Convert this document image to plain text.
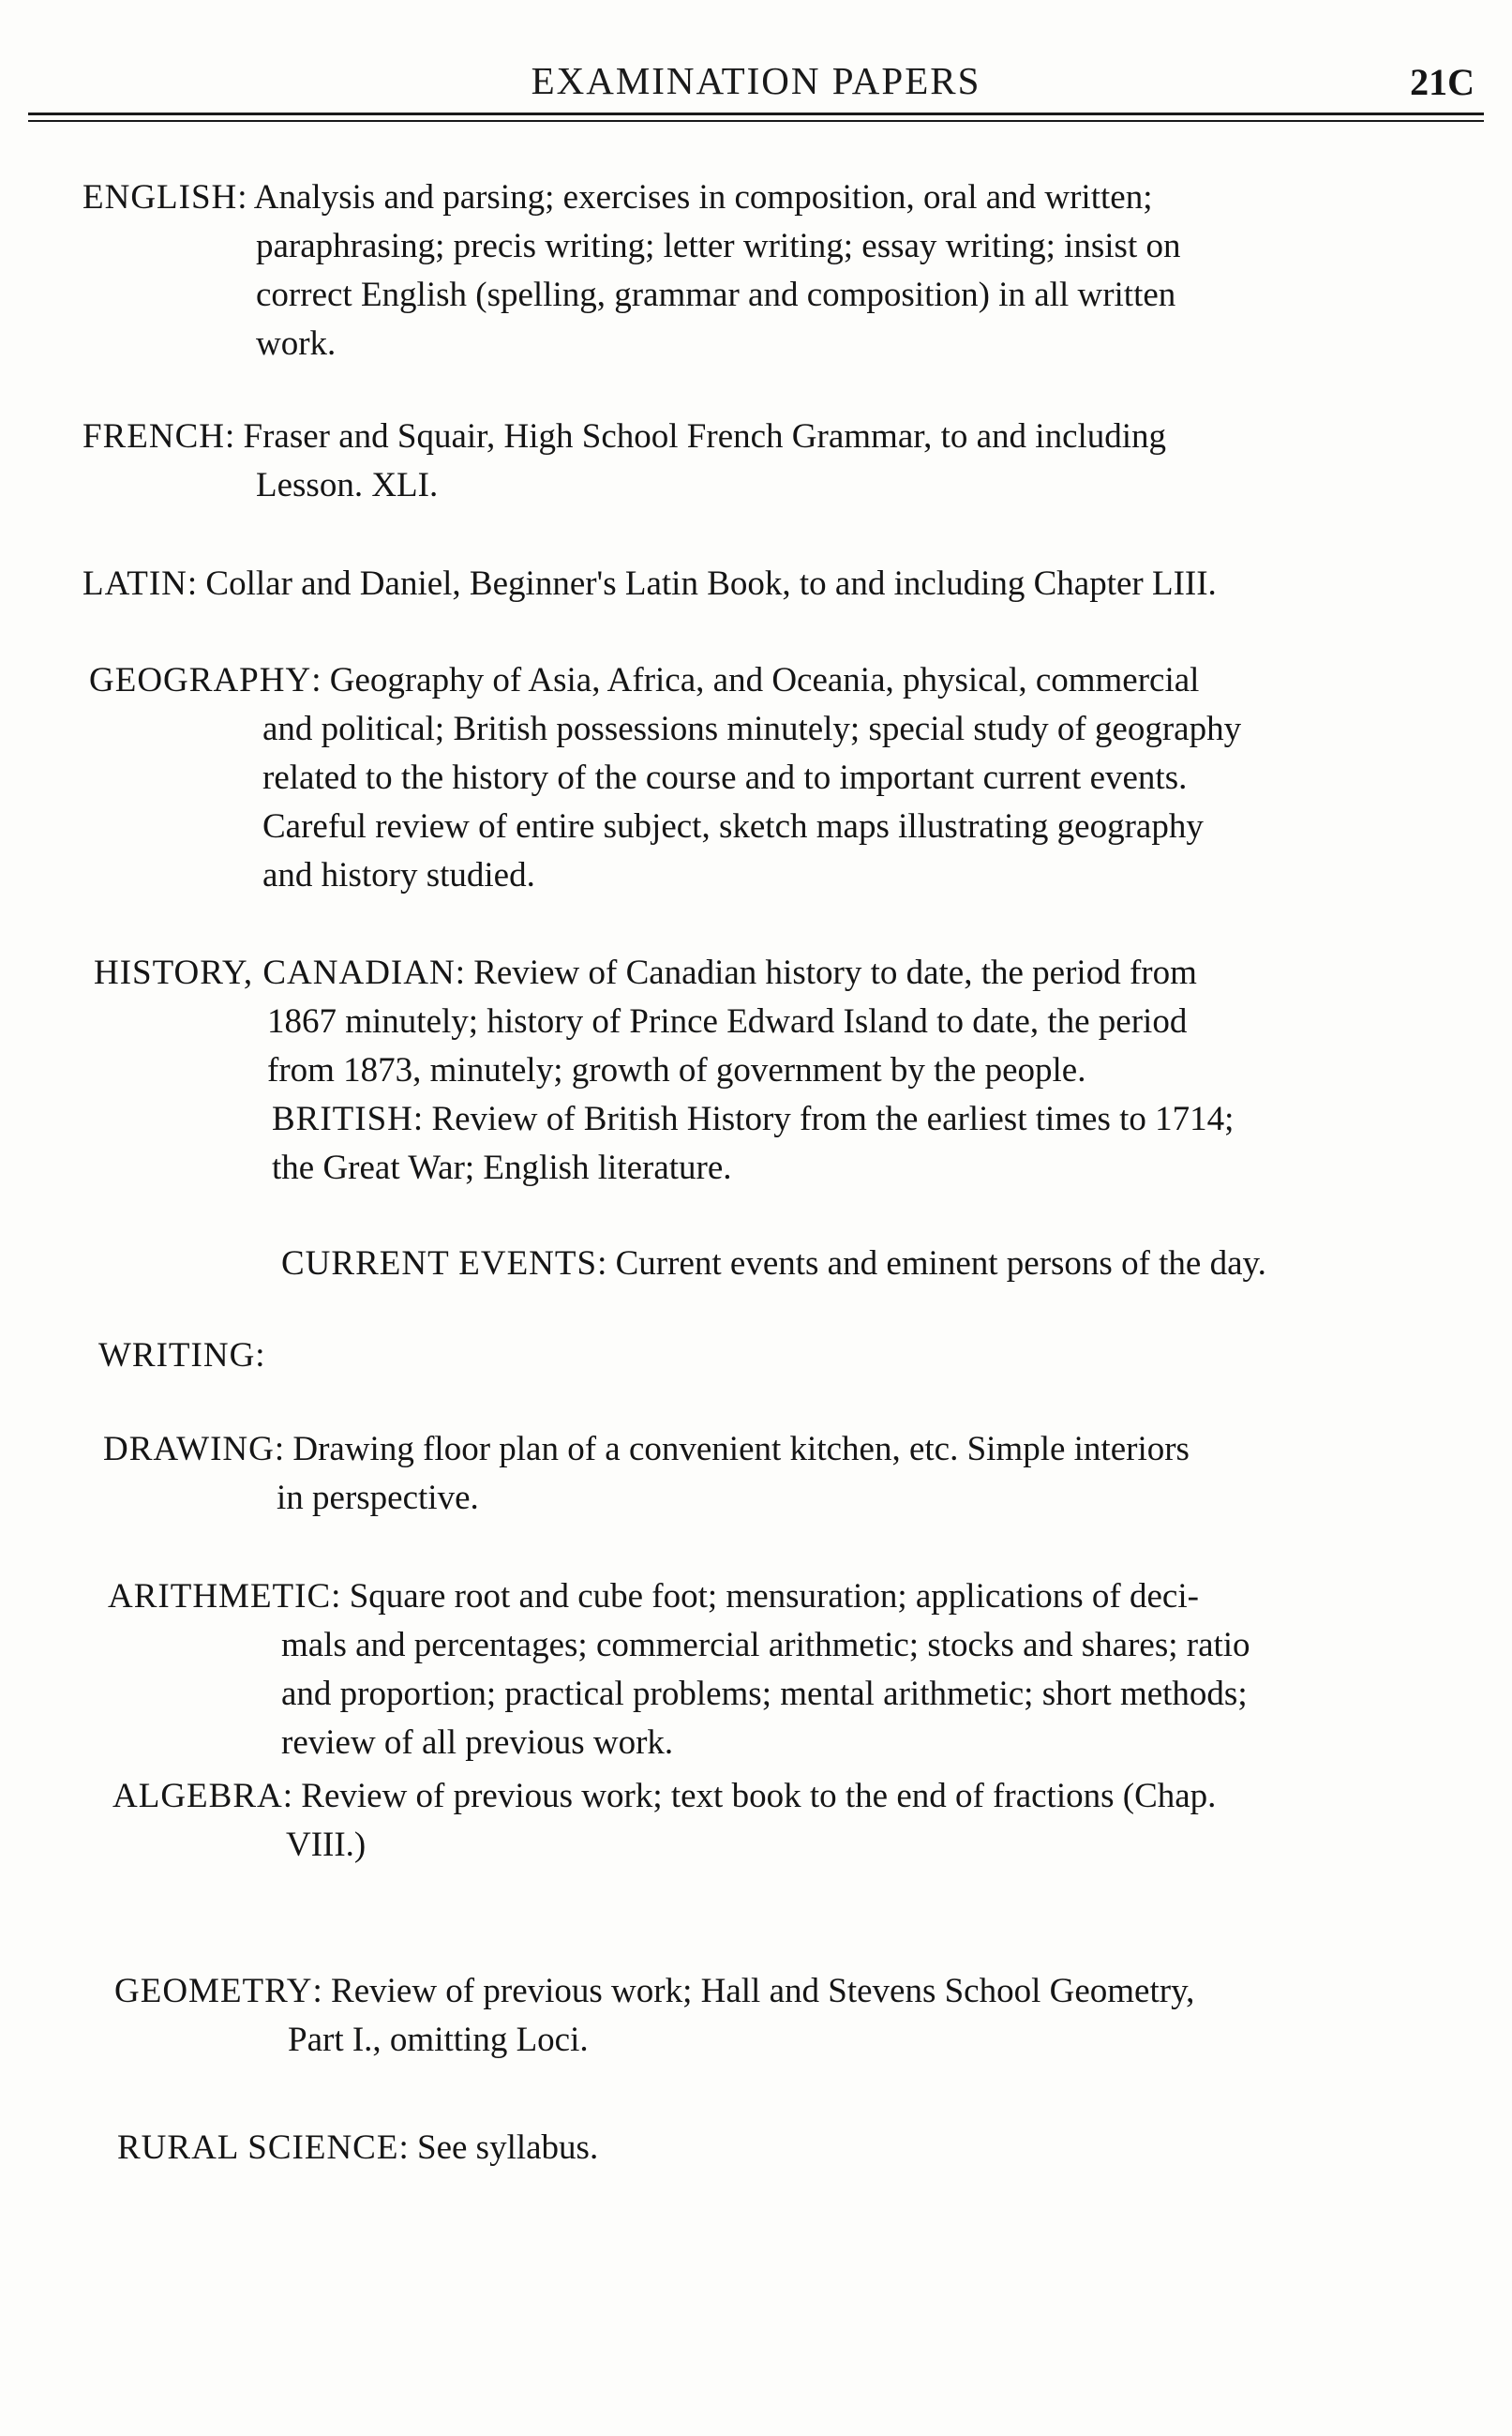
EXAMINATION PAPERS	21C
ENGLISH: Analysis and parsing; exercises in composition, oral and written;
paraphrasing; precis writing; letter writing; essay writing; insist on
correct English (spelling, grammar and composition) in all written
work.
FRENCH: Fraser and Squair, High School French Grammar, to and including
Lesson. XLI.
LATIN: Collar and Daniel, Beginner's Latin Book, to and including Chapter LIII.
GEOGRAPHY: Geography of Asia, Africa, and Oceania, physical, commercial
and political; British possessions minutely; special study of geography
related to the history of the course and to important current events.
Careful review of entire subject, sketch maps illustrating geography
and history studied.
HISTORY, CANADIAN: Review of Canadian history to date, the period from
1867 minutely; history of Prince Edward Island to date, the period
from 1873, minutely; growth of government by the people.
BRITISH: Review of British History from the earliest times to 1714;
the Great War; English literature.
CURRENT EVENTS: Current events and eminent persons of the day.
WRITING:
DRAWING: Drawing floor plan of a convenient kitchen, etc. Simple interiors
in perspective.
ARITHMETIC: Square root and cube foot; mensuration; applications of deci-
mals and percentages; commercial arithmetic; stocks and shares; ratio
and proportion; practical problems; mental arithmetic; short methods;
review of all previous work.
ALGEBRA: Review of previous work; text book to the end of fractions (Chap.
VIII.)
GEOMETRY: Review of previous work; Hall and Stevens School Geometry,
Part I., omitting Loci.
RURAL SCIENCE: See syllabus.
